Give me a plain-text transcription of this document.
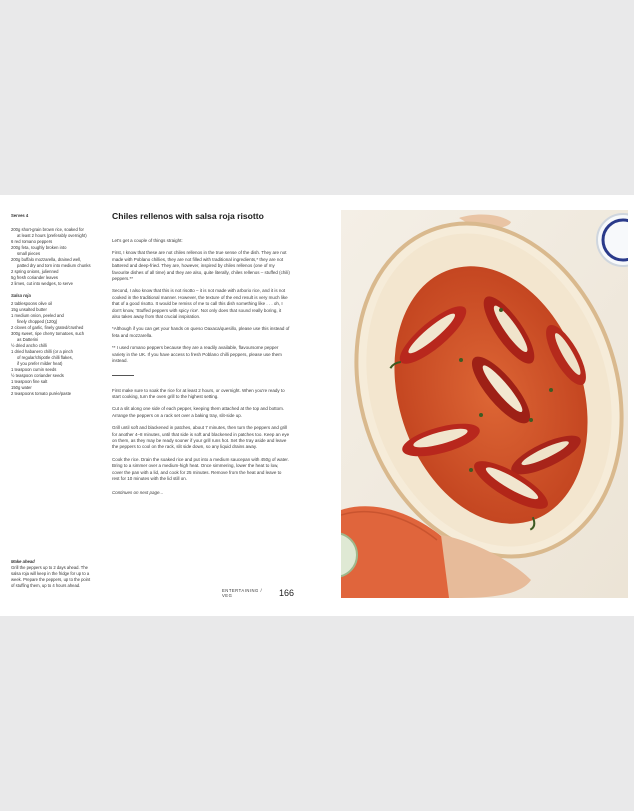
Serves 4
200g short-grain brown rice, soaked for
at least 2 hours (preferably overnight)
6 red romano peppers
200g feta, roughly broken into
small pieces
200g buffalo mozzarella, drained well,
patted dry and torn into medium chunks
2 spring onions, julienned
5g fresh coriander leaves
2 limes, cut into wedges, to serve
Salsa roja
2 tablespoons olive oil
15g unsalted butter
1 medium onion, peeled and
finely chopped (120g)
2 cloves of garlic, finely grated/crushed
300g sweet, ripe cherry tomatoes, such
as Datterini
½ dried ancho chilli
1 dried habanero chilli (or a pinch
of regular/chipotle chilli flakes,
if you prefer milder heat)
1 teaspoon cumin seeds
½ teaspoon coriander seeds
1 teaspoon fine salt
150g water
2 teaspoons tomato purée/paste
Make ahead
Grill the peppers up to 2 days ahead. The
salsa roja will keep in the fridge for up to a
week. Prepare the peppers, up to the point
of stuffing them, up to 4 hours ahead.
Chiles rellenos with salsa roja risotto

Let's get a couple of things straight:

First, I know that these are not chiles rellenos in the true sense of the dish. They are not made with Poblano chillies, they are not filled with traditional ingredients,* they are not battered and deep-fried. They are, however, inspired by chiles rellenos (one of my favourite dishes of all time) and they are also, quite literally, chiles rellenos – stuffed (chili) peppers.**

Second, I also know that this is not risotto – it is not made with arborio rice, and it is not cooked in the traditional manner. However, the texture of the end result is very much like that of a good risotto. It would be remiss of me to call this dish something like . . . oh, I don't know, 'Stuffed peppers with spicy rice'. Not only does that sound really boring, it also takes away from that crucial inspiration.

*Although if you can get your hands on queso Oaxaca/quesillo, please use this instead of feta and mozzarella.

** I used romano peppers because they are a readily available, flavoursome pepper variety in the UK. If you have access to fresh Poblano chilli peppers, please use them instead.

First make sure to soak the rice for at least 2 hours, or overnight. When you're ready to start cooking, turn the oven grill to the highest setting.

Cut a slit along one side of each pepper, keeping them attached at the top and bottom. Arrange the peppers on a rack set over a baking tray, slit-side up.

Grill until soft and blackened in patches, about 7 minutes, then turn the peppers and grill for another 4–8 minutes, until that side is soft and blackened in patches too. Keep an eye on them, as they may be ready sooner if your grill runs hot. Set the tray aside and leave the peppers to cool on the rack, slit side down, so any liquid drains away.

Cook the rice. Drain the soaked rice and put into a medium saucepan with 450g of water. Bring to a simmer over a medium-high heat. Once simmering, lower the heat to low, cover the pan with a lid, and cook for 25 minutes. Remove from the heat and leave to rest for 10 minutes with the lid still on.

Continues on next page...

ENTERTAINING / VEG	166
